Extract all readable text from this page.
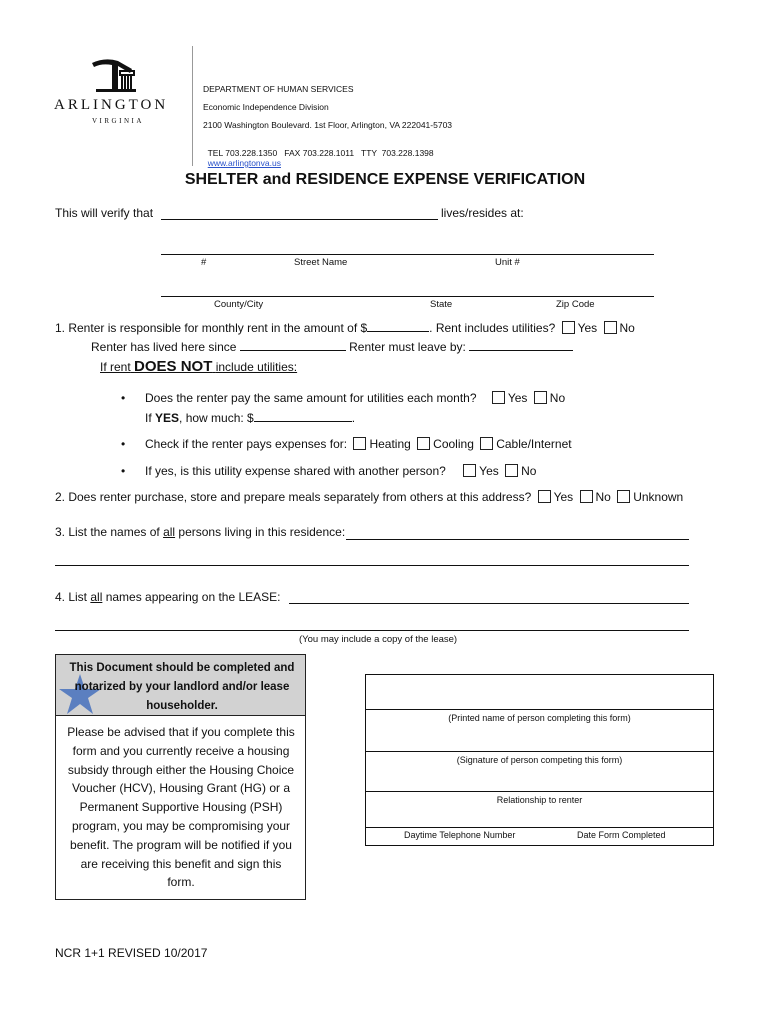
ARLINGTON
VIRGINIA
DEPARTMENT OF HUMAN SERVICES
Economic Independence Division
2100 Washington Boulevard. 1st Floor, Arlington, VA 222041-5703

TEL 703.228.1350   FAX 703.228.1011   TTY  703.228.1398
www.arlingtonva.us

SHELTER and RESIDENCE EXPENSE VERIFICATION
This will verify that	lives/resides at:
#	Street Name	Unit #
County/City	State	Zip Code
1. Renter is responsible for monthly rent in the amount of $	. Rent includes utilities? Yes No
Renter has lived here since	Renter must leave by:
If rent DOES NOT include utilities:
• Does the renter pay the same amount for utilities each month?	Yes No
If YES, how much: $	.
• Check if the renter pays expenses for: Heating Cooling Cable/Internet
• If yes, is this utility expense shared with another person?	Yes No
2. Does renter purchase, store and prepare meals separately from others at this address? Yes No Unknown
3. List the names of all persons living in this residence:
4. List all names appearing on the LEASE:
(You may include a copy of the lease)
This Document should be completed and notarized by your landlord and/or lease householder.
Please be advised that if you complete this form and you currently receive a housing subsidy through either the Housing Choice Voucher (HCV), Housing Grant (HG) or a Permanent Supportive Housing (PSH) program, you may be compromising your benefit. The program will be notified if you are receiving this benefit and sign this form.
(Printed name of person completing this form)
(Signature of person competing this form)
Relationship to renter
Daytime Telephone Number	Date Form Completed
NCR 1+1 REVISED 10/2017
